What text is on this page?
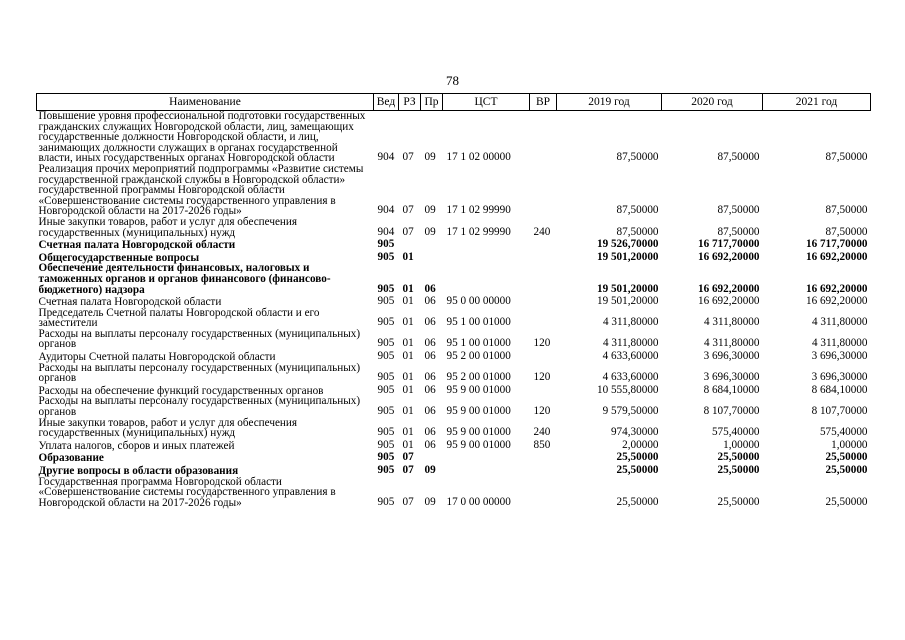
78
Наименование	Вед	РЗ	Пр	ЦСТ	ВР	2019 год	2020 год	2021 год
Повышение уровня профессиональной подготовки государственных гражданских служащих Новгородской области, лиц, замещающих государственные должности Новгородской области, и лиц, занимающих должности служащих в органах государственной власти, иных государственных органах Новгородской области	904	07	09	17 1 02 00000		87,50000	87,50000	87,50000
Реализация прочих мероприятий подпрограммы «Развитие системы государственной гражданской службы в Новгородской области» государственной программы Новгородской области «Совершенствование системы государственного управления в Новгородской области на 2017-2026 годы»	904	07	09	17 1 02 99990		87,50000	87,50000	87,50000
Иные закупки товаров, работ и услуг для обеспечения государственных (муниципальных) нужд	904	07	09	17 1 02 99990	240	87,50000	87,50000	87,50000
Счетная палата Новгородской области	905					19 526,70000	16 717,70000	16 717,70000
Общегосударственные вопросы	905	01				19 501,20000	16 692,20000	16 692,20000
Обеспечение деятельности финансовых, налоговых и таможенных органов и органов финансового (финансово-бюджетного) надзора	905	01	06			19 501,20000	16 692,20000	16 692,20000
Счетная палата Новгородской области	905	01	06	95 0 00 00000		19 501,20000	16 692,20000	16 692,20000
Председатель Счетной палаты Новгородской области и его заместители	905	01	06	95 1 00 01000		4 311,80000	4 311,80000	4 311,80000
Расходы на выплаты персоналу государственных (муниципальных) органов	905	01	06	95 1 00 01000	120	4 311,80000	4 311,80000	4 311,80000
Аудиторы Счетной палаты Новгородской области	905	01	06	95 2 00 01000		4 633,60000	3 696,30000	3 696,30000
Расходы на выплаты персоналу государственных (муниципальных) органов	905	01	06	95 2 00 01000	120	4 633,60000	3 696,30000	3 696,30000
Расходы на обеспечение функций государственных органов	905	01	06	95 9 00 01000		10 555,80000	8 684,10000	8 684,10000
Расходы на выплаты персоналу государственных (муниципальных) органов	905	01	06	95 9 00 01000	120	9 579,50000	8 107,70000	8 107,70000
Иные закупки товаров, работ и услуг для обеспечения государственных (муниципальных) нужд	905	01	06	95 9 00 01000	240	974,30000	575,40000	575,40000
Уплата налогов, сборов и иных платежей	905	01	06	95 9 00 01000	850	2,00000	1,00000	1,00000
Образование	905	07				25,50000	25,50000	25,50000
Другие вопросы в области образования	905	07	09			25,50000	25,50000	25,50000
Государственная программа Новгородской области «Совершенствование системы государственного управления в Новгородской области на 2017-2026 годы»	905	07	09	17 0 00 00000		25,50000	25,50000	25,50000
